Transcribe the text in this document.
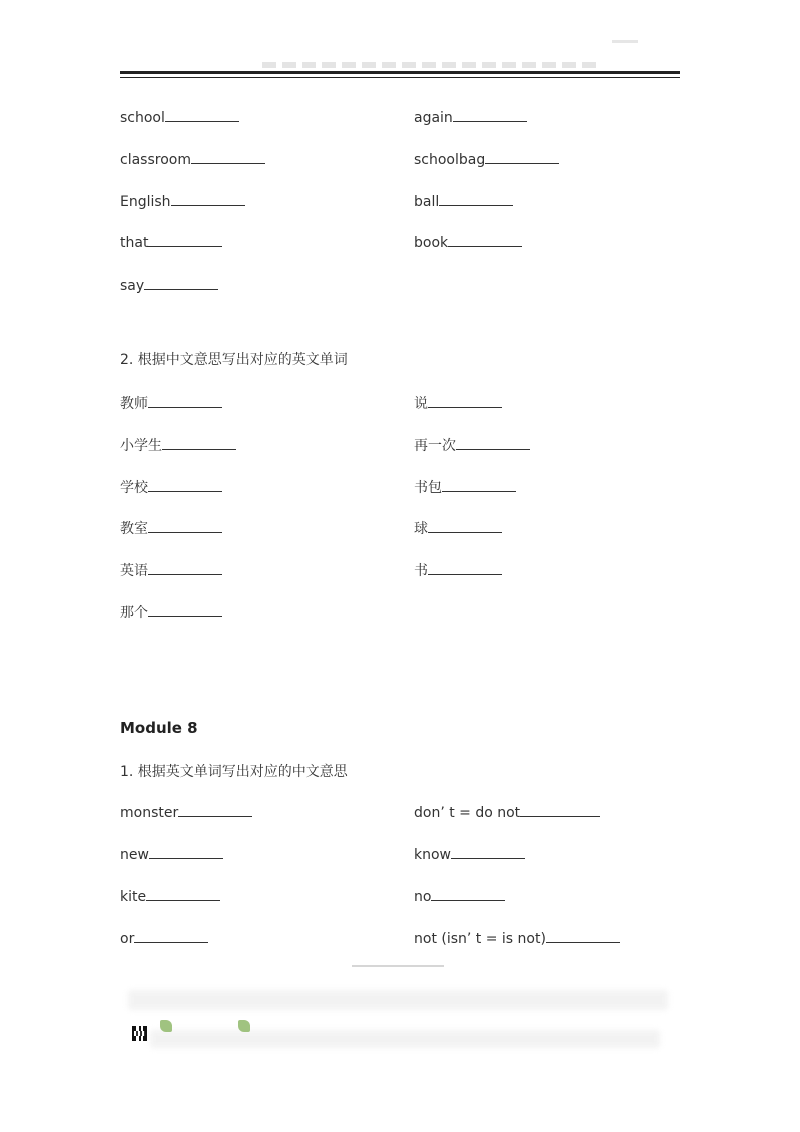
school	again
classroom	schoolbag
English	ball
that	book
say
2. 根据中文意思写出对应的英文单词
教师	说
小学生	再一次
学校	书包
教室	球
英语	书
那个
Module 8
1. 根据英文单词写出对应的中文意思
monster	don’ t = do not
new	know
kite	no
or	not (isn’ t = is not)
